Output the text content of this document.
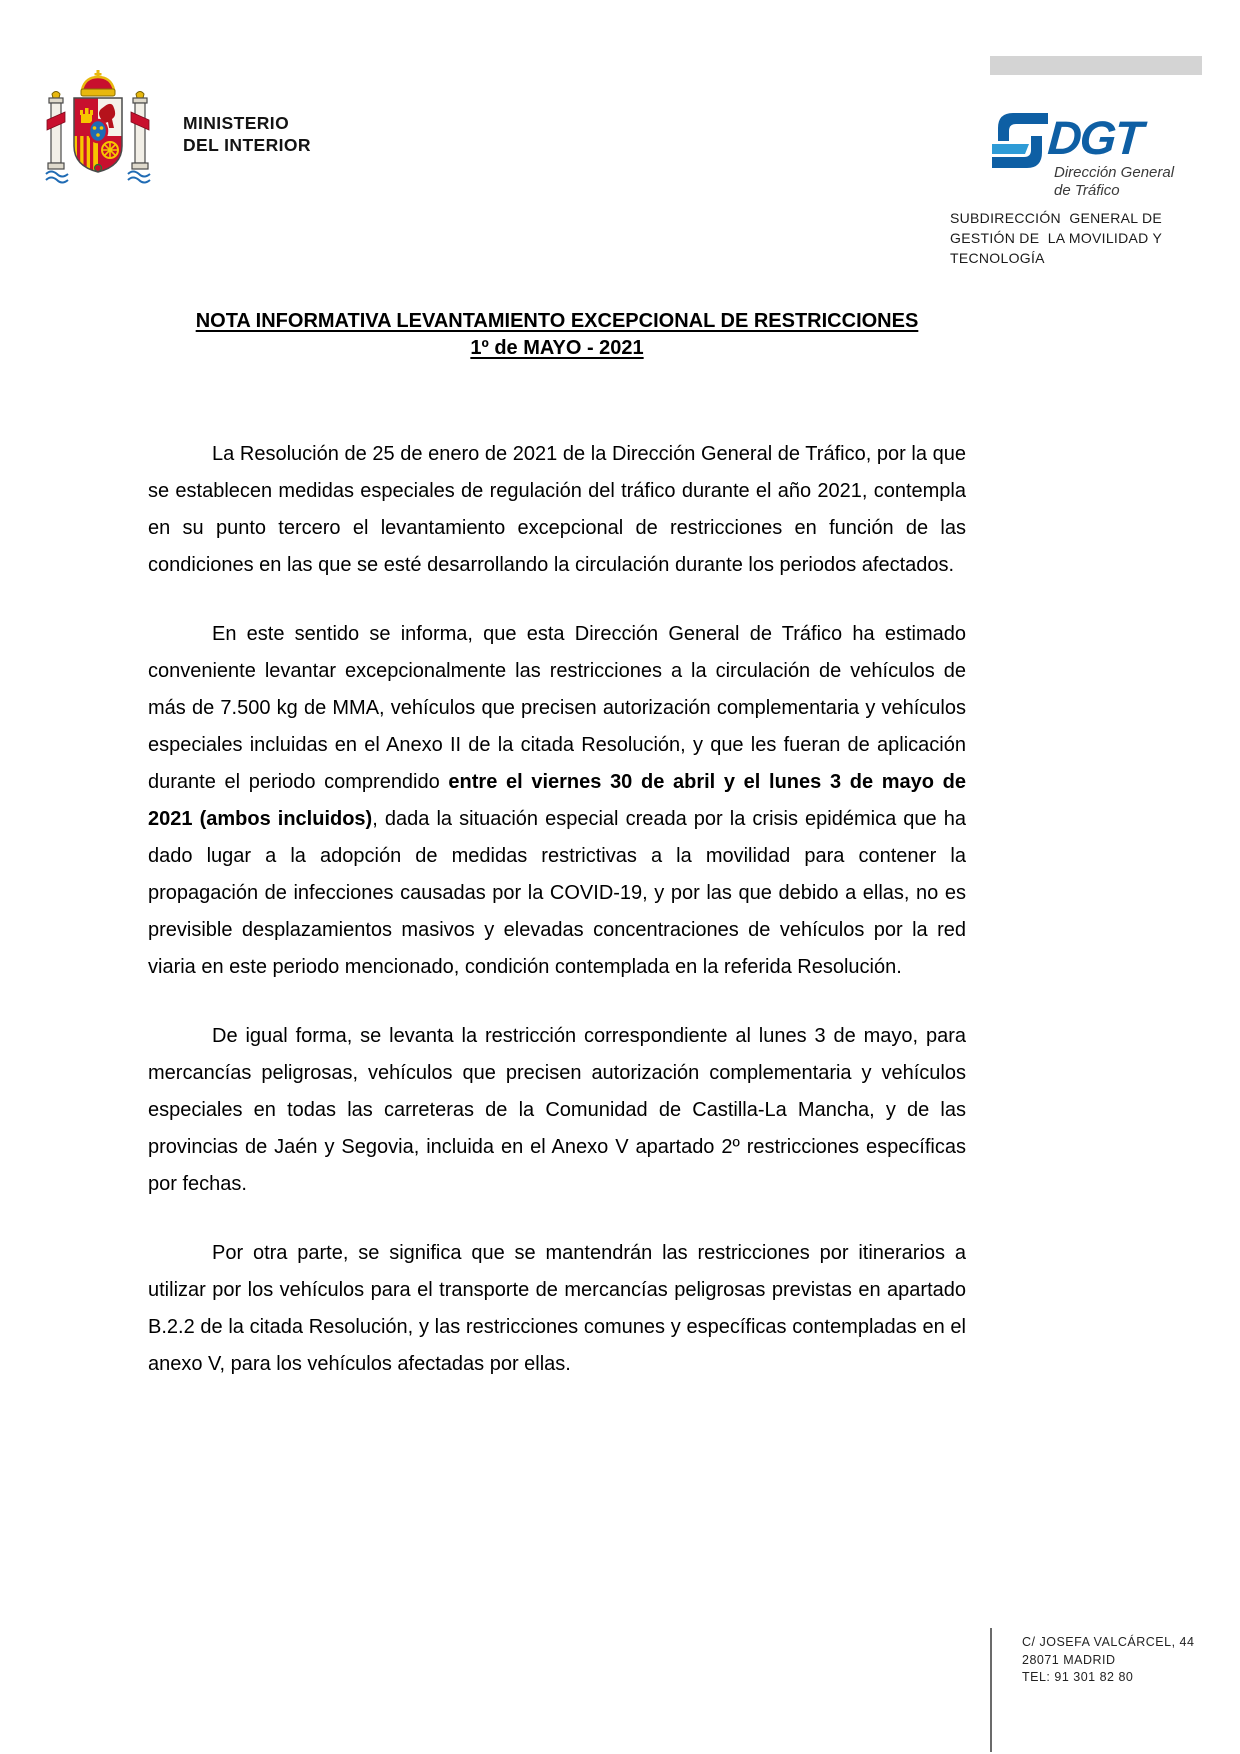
MINISTERIO
DEL INTERIOR	DGT
Dirección General
de Tráfico
SUBDIRECCIÓN  GENERAL DE
GESTIÓN DE  LA MOVILIDAD Y
TECNOLOGÍA
NOTA INFORMATIVA LEVANTAMIENTO EXCEPCIONAL DE RESTRICCIONES
1º de MAYO - 2021

La Resolución de 25 de enero de 2021 de la Dirección General de Tráfico, por la que se establecen medidas especiales de regulación del tráfico durante el año 2021, contempla en su punto tercero el levantamiento excepcional de restricciones en función de las condiciones en las que se esté desarrollando la circulación durante los periodos afectados.

En este sentido se informa, que esta Dirección General de Tráfico ha estimado conveniente levantar excepcionalmente las restricciones a la circulación de vehículos de más de 7.500 kg de MMA, vehículos que precisen autorización complementaria y vehículos especiales incluidas en el Anexo II de la citada Resolución, y que les fueran de aplicación durante el periodo comprendido entre el viernes 30 de abril y el lunes 3 de mayo de 2021 (ambos incluidos), dada la situación especial creada por la crisis epidémica que ha dado lugar a la adopción de medidas restrictivas a la movilidad para contener la propagación de infecciones causadas por la COVID-19, y por las que debido a ellas, no es previsible desplazamientos masivos y elevadas concentraciones de vehículos por la red viaria en este periodo mencionado, condición contemplada en la referida Resolución.

De igual forma, se levanta la restricción correspondiente al lunes 3 de mayo, para mercancías peligrosas, vehículos que precisen autorización complementaria y vehículos especiales en todas las carreteras de la Comunidad de Castilla-La Mancha, y de las provincias de Jaén y Segovia, incluida en el Anexo V apartado 2º restricciones específicas por fechas.

Por otra parte, se significa que se mantendrán las restricciones por itinerarios a utilizar por los vehículos para el transporte de mercancías peligrosas previstas en apartado B.2.2 de la citada Resolución, y las restricciones comunes y específicas contempladas en el anexo V, para los vehículos afectadas por ellas.

C/ JOSEFA VALCÁRCEL, 44
28071 MADRID
TEL: 91 301 82 80
